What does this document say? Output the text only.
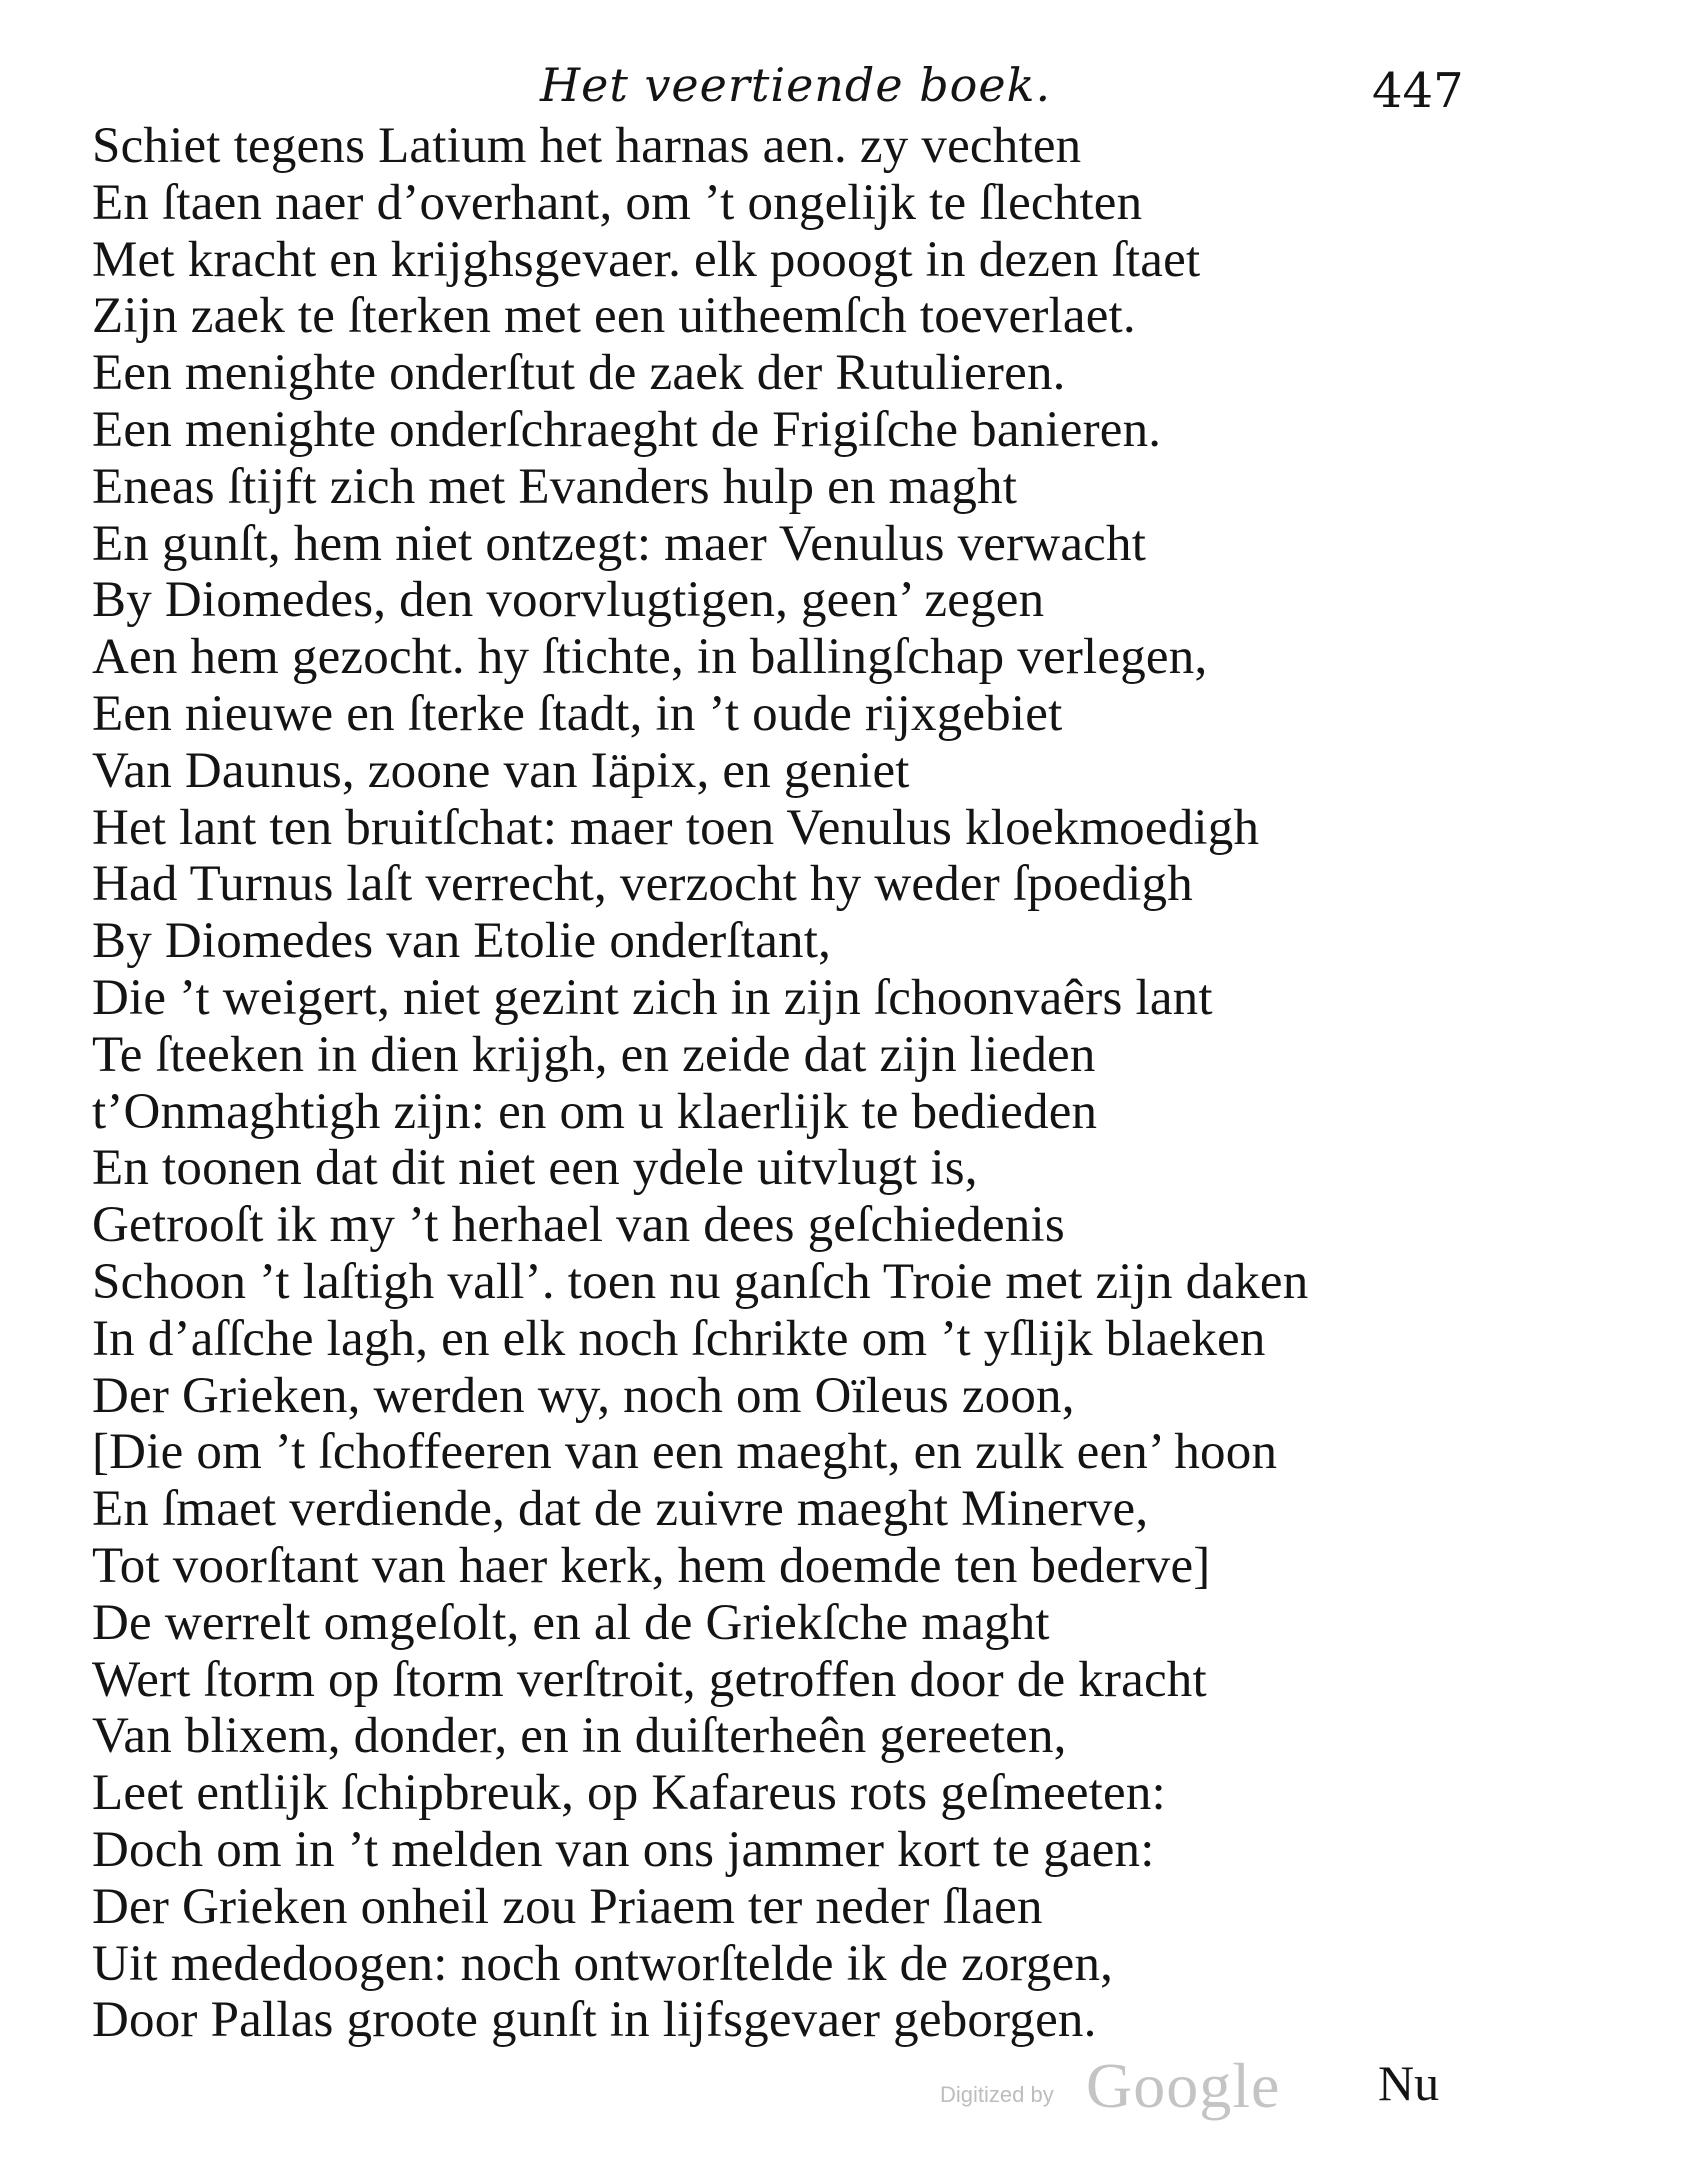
Het veertiende boek.	447
Schiet tegens Latium het harnas aen. zy vechten
En ſtaen naer d’overhant, om ’t ongelijk te ſlechten
Met kracht en krijghsgevaer. elk pooogt in dezen ſtaet
Zijn zaek te ſterken met een uitheemſch toeverlaet.
Een menighte onderſtut de zaek der Rutulieren.
Een menighte onderſchraeght de Frigiſche banieren.
Eneas ſtijft zich met Evanders hulp en maght
En gunſt, hem niet ontzegt: maer Venulus verwacht
By Diomedes, den voorvlugtigen, geen’ zegen
Aen hem gezocht. hy ſtichte, in ballingſchap verlegen,
Een nieuwe en ſterke ſtadt, in ’t oude rijxgebiet
Van Daunus, zoone van Iäpix, en geniet
Het lant ten bruitſchat: maer toen Venulus kloekmoedigh
Had Turnus laſt verrecht, verzocht hy weder ſpoedigh
By Diomedes van Etolie onderſtant,
Die ’t weigert, niet gezint zich in zijn ſchoonvaêrs lant
Te ſteeken in dien krijgh, en zeide dat zijn lieden
t’Onmaghtigh zijn: en om u klaerlijk te bedieden
En toonen dat dit niet een ydele uitvlugt is,
Getrooſt ik my ’t herhael van dees geſchiedenis
Schoon ’t laſtigh vall’. toen nu ganſch Troie met zijn daken
In d’aſſche lagh, en elk noch ſchrikte om ’t yſlijk blaeken
Der Grieken, werden wy, noch om Oïleus zoon,
[Die om ’t ſchoffeeren van een maeght, en zulk een’ hoon
En ſmaet verdiende, dat de zuivre maeght Minerve,
Tot voorſtant van haer kerk, hem doemde ten bederve]
De werrelt omgeſolt, en al de Griekſche maght
Wert ſtorm op ſtorm verſtroit, getroffen door de kracht
Van blixem, donder, en in duiſterheên gereeten,
Leet entlijk ſchipbreuk, op Kafareus rots geſmeeten:
Doch om in ’t melden van ons jammer kort te gaen:
Der Grieken onheil zou Priaem ter neder ſlaen
Uit mededoogen: noch ontworſtelde ik de zorgen,
Door Pallas groote gunſt in lijfsgevaer geborgen.
Digitized by Google Nu
